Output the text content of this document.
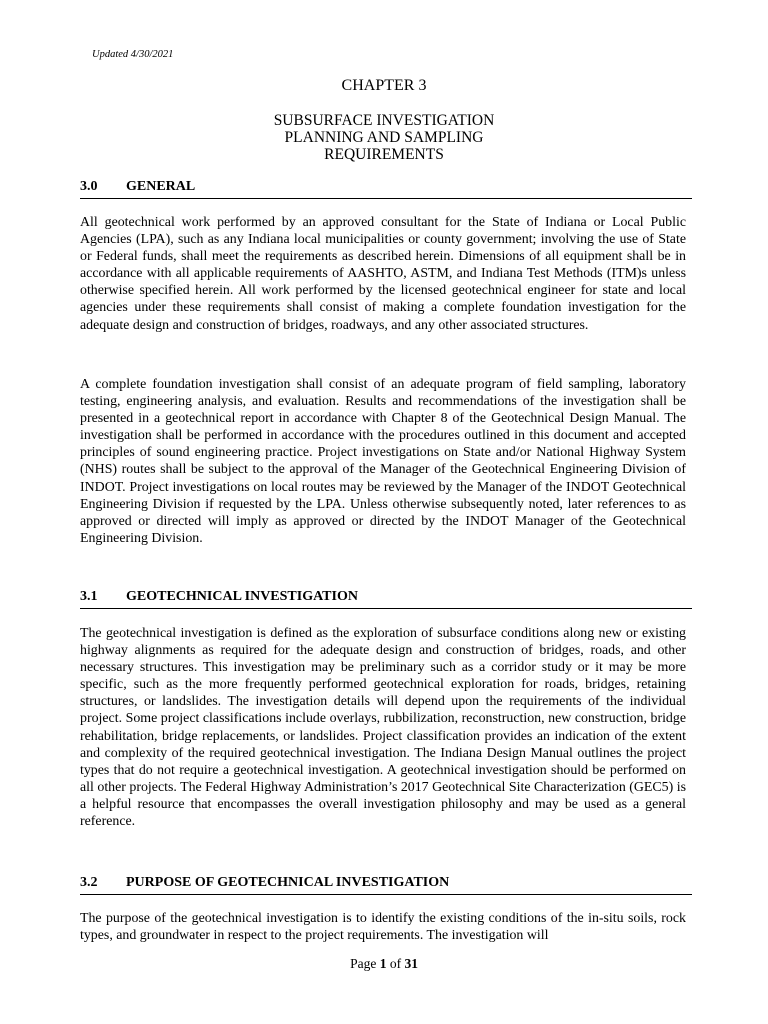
Updated 4/30/2021

CHAPTER 3
SUBSURFACE INVESTIGATION
PLANNING AND SAMPLING
REQUIREMENTS
3.0 GENERAL

All geotechnical work performed by an approved consultant for the State of Indiana or Local Public Agencies (LPA), such as any Indiana local municipalities or county government; involving the use of State or Federal funds, shall meet the requirements as described herein. Dimensions of all equipment shall be in accordance with all applicable requirements of AASHTO, ASTM, and Indiana Test Methods (ITM)s unless otherwise specified herein. All work performed by the licensed geotechnical engineer for state and local agencies under these requirements shall consist of making a complete foundation investigation for the adequate design and construction of bridges, roadways, and any other associated structures.

A complete foundation investigation shall consist of an adequate program of field sampling, laboratory testing, engineering analysis, and evaluation. Results and recommendations of the investigation shall be presented in a geotechnical report in accordance with Chapter 8 of the Geotechnical Design Manual. The investigation shall be performed in accordance with the procedures outlined in this document and accepted principles of sound engineering practice. Project investigations on State and/or National Highway System (NHS) routes shall be subject to the approval of the Manager of the Geotechnical Engineering Division of INDOT. Project investigations on local routes may be reviewed by the Manager of the INDOT Geotechnical Engineering Division if requested by the LPA. Unless otherwise subsequently noted, later references to as approved or directed will imply as approved or directed by the INDOT Manager of the Geotechnical Engineering Division.

3.1 GEOTECHNICAL INVESTIGATION

The geotechnical investigation is defined as the exploration of subsurface conditions along new or existing highway alignments as required for the adequate design and construction of bridges, roads, and other necessary structures. This investigation may be preliminary such as a corridor study or it may be more specific, such as the more frequently performed geotechnical exploration for roads, bridges, retaining structures, or landslides. The investigation details will depend upon the requirements of the individual project. Some project classifications include overlays, rubbilization, reconstruction, new construction, bridge rehabilitation, bridge replacements, or landslides. Project classification provides an indication of the extent and complexity of the required geotechnical investigation. The Indiana Design Manual outlines the project types that do not require a geotechnical investigation. A geotechnical investigation should be performed on all other projects. The Federal Highway Administration’s 2017 Geotechnical Site Characterization (GEC5) is a helpful resource that encompasses the overall investigation philosophy and may be used as a general reference.

3.2 PURPOSE OF GEOTECHNICAL INVESTIGATION

The purpose of the geotechnical investigation is to identify the existing conditions of the in-situ soils, rock types, and groundwater in respect to the project requirements. The investigation will

Page 1 of 31
